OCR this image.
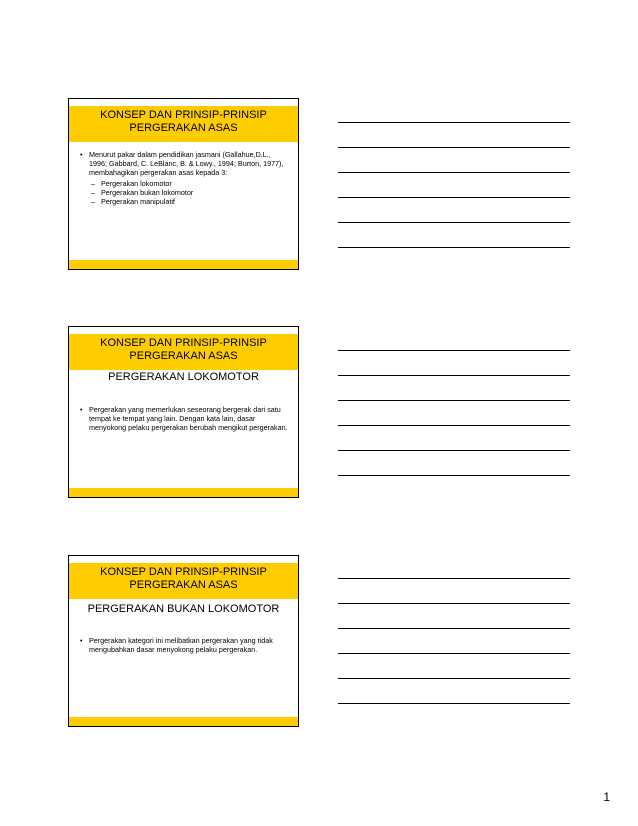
KONSEP DAN PRINSIP-PRINSIP
PERGERAKAN ASAS
• Menurut pakar dalam pendidikan jasmani (Gallahue,D.L., 1996; Gabbard, C. LeBlanc, B. & Lowy., 1994; Burton, 1977), membahagikan pergerakan asas kepada 3:
– Pergerakan lokomotor
– Pergerakan bukan lokomotor
– Pergerakan manipulatif
KONSEP DAN PRINSIP-PRINSIP
PERGERAKAN ASAS
PERGERAKAN LOKOMOTOR
• Pergerakan yang memerlukan seseorang bergerak dari satu tempat ke tempat yang lain. Dengan kata lain, dasar menyokong pelaku pergerakan berubah mengikut pergerakan.
KONSEP DAN PRINSIP-PRINSIP
PERGERAKAN ASAS
PERGERAKAN BUKAN LOKOMOTOR
• Pergerakan kategori ini melibatkan pergerakan yang tidak mengubahkan dasar menyokong pelaku pergerakan.
1
